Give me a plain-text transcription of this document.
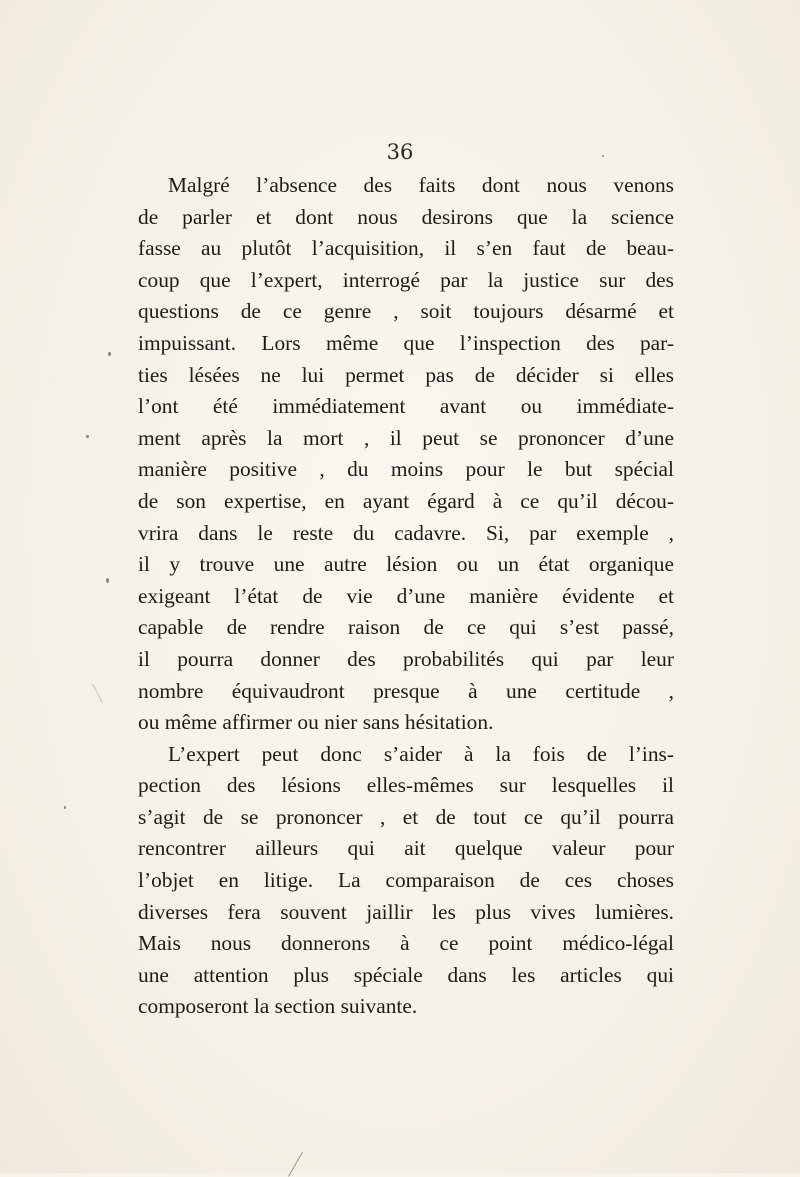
36
Malgré l’absence des faits dont nous venons
de parler et dont nous desirons que la science
fasse au plutôt l’acquisition, il s’en faut de beau-
coup que l’expert, interrogé par la justice sur des
questions de ce genre , soit toujours désarmé et
impuissant. Lors même que l’inspection des par-
ties lésées ne lui permet pas de décider si elles
l’ont été immédiatement avant ou immédiate-
ment après la mort , il peut se prononcer d’une
manière positive , du moins pour le but spécial
de son expertise, en ayant égard à ce qu’il décou-
vrira dans le reste du cadavre. Si, par exemple ,
il y trouve une autre lésion ou un état organique
exigeant l’état de vie d’une manière évidente et
capable de rendre raison de ce qui s’est passé,
il pourra donner des probabilités qui par leur
nombre équivaudront presque à une certitude ,
ou même affirmer ou nier sans hésitation.
L’expert peut donc s’aider à la fois de l’ins-
pection des lésions elles-mêmes sur lesquelles il
s’agit de se prononcer , et de tout ce qu’il pourra
rencontrer ailleurs qui ait quelque valeur pour
l’objet en litige. La comparaison de ces choses
diverses fera souvent jaillir les plus vives lumières.
Mais nous donnerons à ce point médico-légal
une attention plus spéciale dans les articles qui
composeront la section suivante.
